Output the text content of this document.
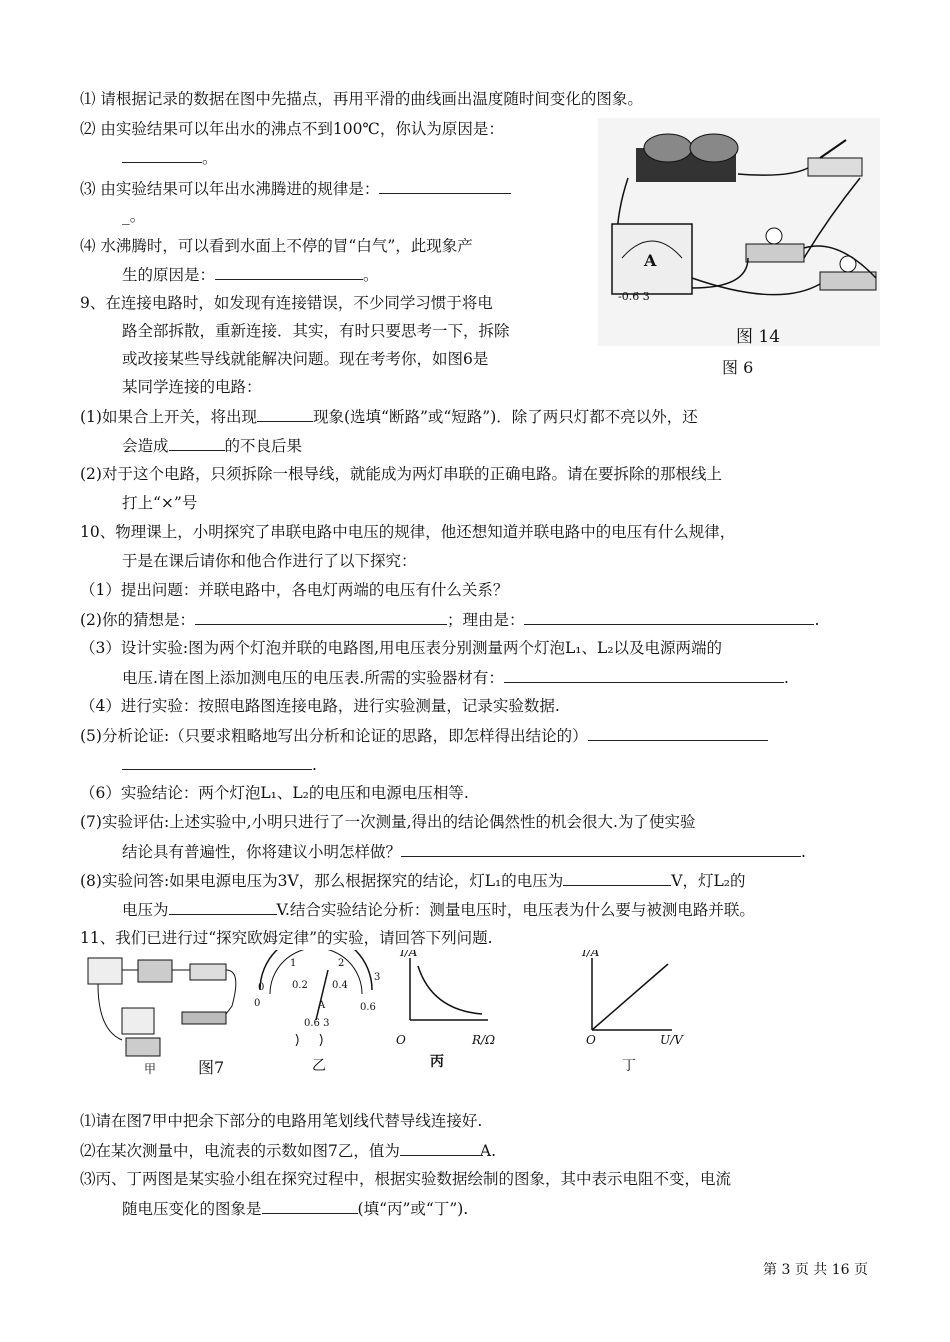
⑴ 请根据记录的数据在图中先描点，再用平滑的曲线画出温度随时间变化的图象。
⑵ 由实验结果可以年出水的沸点不到100℃，你认为原因是：
。
⑶ 由实验结果可以年出水沸腾进的规律是：
_。
⑷ 水沸腾时，可以看到水面上不停的冒“白气”，此现象产
生的原因是：	。
9、在连接电路时，如发现有连接错误，不少同学习惯于将电
路全部拆散，重新连接．其实，有时只要思考一下，拆除
或改接某些导线就能解决问题。现在考考你，如图6是
某同学连接的电路：
(1)如果合上开关，将出现	现象(选填“断路”或“短路”)．除了两只灯都不亮以外，还
会造成	的不良后果
(2)对于这个电路，只须拆除一根导线，就能成为两灯串联的正确电路。请在要拆除的那根线上
打上“×”号
10、物理课上，小明探究了串联电路中电压的规律，他还想知道并联电路中的电压有什么规律，
于是在课后请你和他合作进行了以下探究：
（1）提出问题：并联电路中，各电灯两端的电压有什么关系？
(2)你的猜想是：	；理由是：	.
（3）设计实验:图为两个灯泡并联的电路图,用电压表分别测量两个灯泡L₁、L₂以及电源两端的
电压.请在图上添加测电压的电压表.所需的实验器材有：	.
（4）进行实验：按照电路图连接电路，进行实验测量，记录实验数据.
(5)分析论证:（只要求粗略地写出分析和论证的思路，即怎样得出结论的）
.
（6）实验结论：两个灯泡L₁、L₂的电压和电源电压相等.
(7)实验评估:上述实验中,小明只进行了一次测量,得出的结论偶然性的机会很大.为了使实验
结论具有普遍性，你将建议小明怎样做？	.
(8)实验问答:如果电源电压为3V，那么根据探究的结论，灯L₁的电压为	V，灯L₂的
电压为	V.结合实验结论分析：测量电压时，电压表为什么要与被测电路并联。
11、我们已进行过“探究欧姆定律”的实验，请回答下列问题.
A
-0.6 3
图 14
图 6
甲	图7
0
0
1
0.2
2
0.4
3
0.6
A
0.6 3
乙
I/A
O	R/Ω
丙
I/A
O	U/V
丁
⑴请在图7甲中把余下部分的电路用笔划线代替导线连接好.
⑵在某次测量中，电流表的示数如图7乙，值为	A.
⑶丙、丁两图是某实验小组在探究过程中，根据实验数据绘制的图象，其中表示电阻不变，电流
随电压变化的图象是	(填“丙”或“丁”).
第 3 页 共 16 页
